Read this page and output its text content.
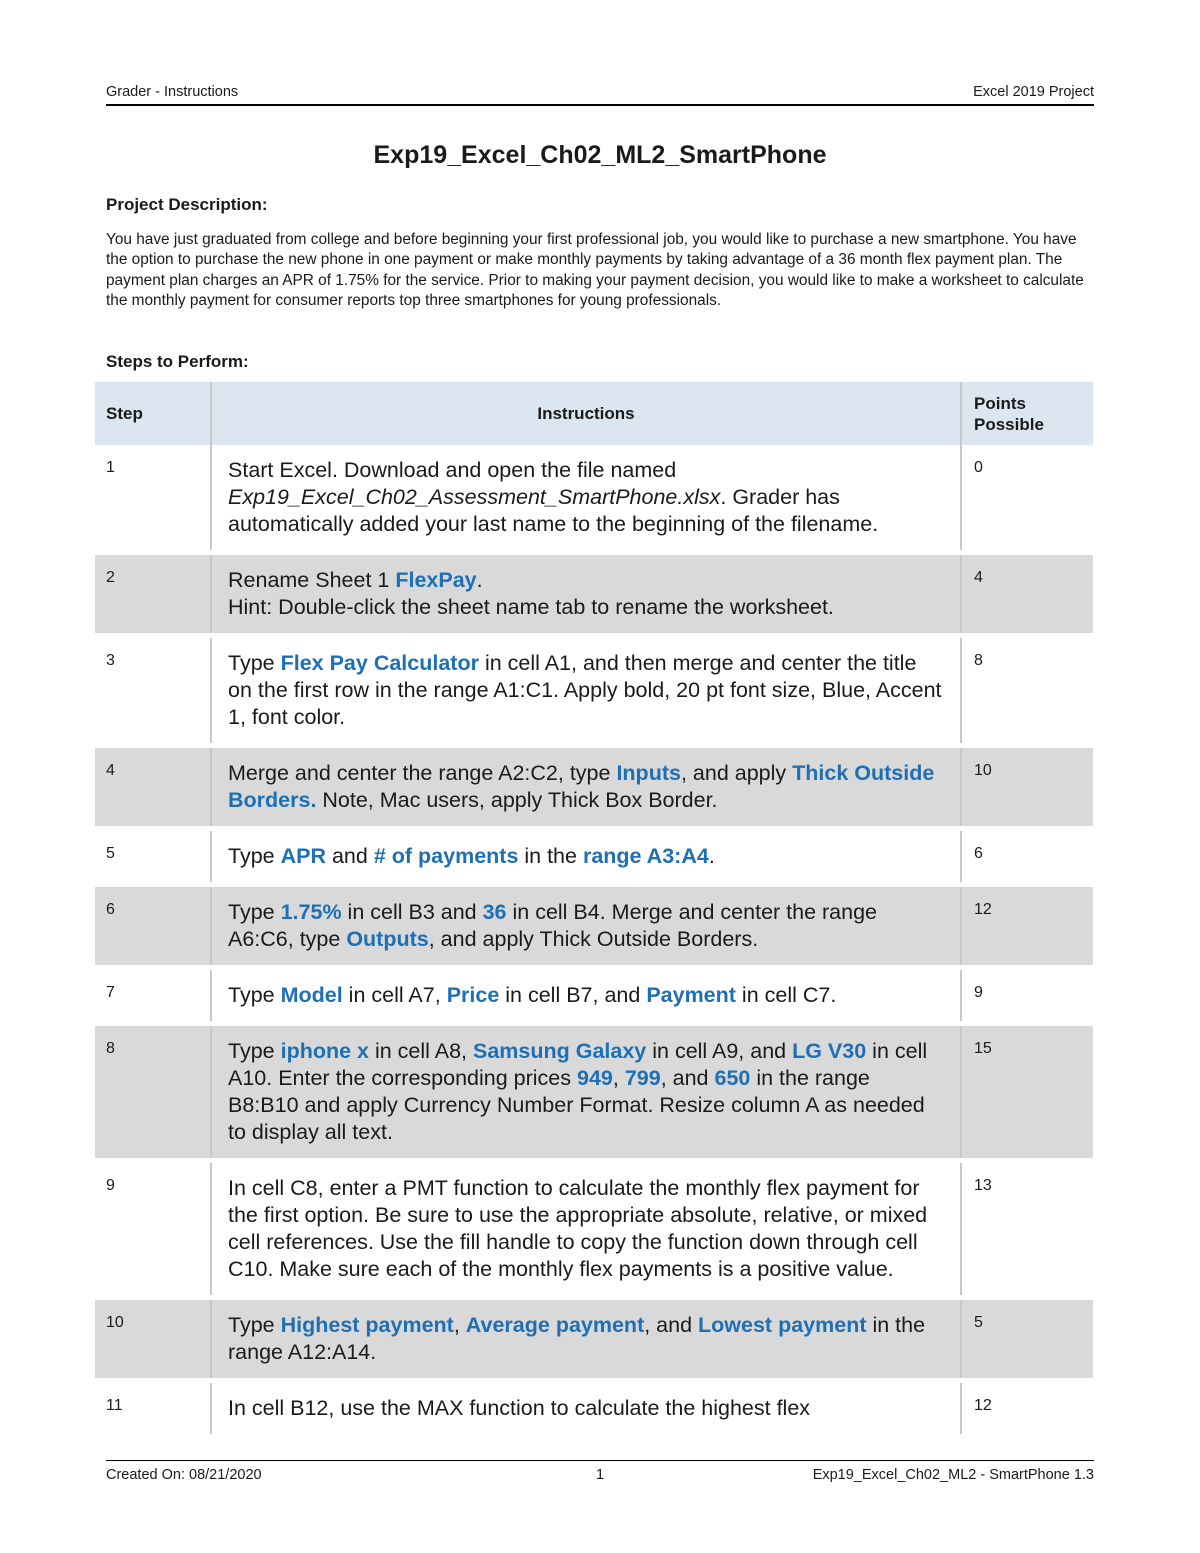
Grader - Instructions	Excel 2019 Project
Exp19_Excel_Ch02_ML2_SmartPhone
Project Description:
You have just graduated from college and before beginning your first professional job, you would like to purchase a new smartphone. You have the option to purchase the new phone in one payment or make monthly payments by taking advantage of a 36 month flex payment plan. The payment plan charges an APR of 1.75% for the service. Prior to making your payment decision, you would like to make a worksheet to calculate the monthly payment for consumer reports top three smartphones for young professionals.
Steps to Perform:
Step	Instructions	Points
Possible
1	Start Excel. Download and open the file named Exp19_Excel_Ch02_Assessment_SmartPhone.xlsx. Grader has automatically added your last name to the beginning of the filename.	0
2	Rename Sheet 1 FlexPay.
Hint: Double-click the sheet name tab to rename the worksheet.	4
3	Type Flex Pay Calculator in cell A1, and then merge and center the title on the first row in the range A1:C1. Apply bold, 20 pt font size, Blue, Accent 1, font color.	8
4	Merge and center the range A2:C2, type Inputs, and apply Thick Outside Borders. Note, Mac users, apply Thick Box Border.	10
5	Type APR and # of payments in the range A3:A4.	6
6	Type 1.75% in cell B3 and 36 in cell B4. Merge and center the range A6:C6, type Outputs, and apply Thick Outside Borders.	12
7	Type Model in cell A7, Price in cell B7, and Payment in cell C7.	9
8	Type iphone x in cell A8, Samsung Galaxy in cell A9, and LG V30 in cell A10. Enter the corresponding prices 949, 799, and 650 in the range B8:B10 and apply Currency Number Format. Resize column A as needed to display all text.	15
9	In cell C8, enter a PMT function to calculate the monthly flex payment for the first option. Be sure to use the appropriate absolute, relative, or mixed cell references. Use the fill handle to copy the function down through cell C10. Make sure each of the monthly flex payments is a positive value.	13
10	Type Highest payment, Average payment, and Lowest payment in the range A12:A14.	5
11	In cell B12, use the MAX function to calculate the highest flex	12
Created On: 08/21/2020	1	Exp19_Excel_Ch02_ML2 - SmartPhone 1.3
